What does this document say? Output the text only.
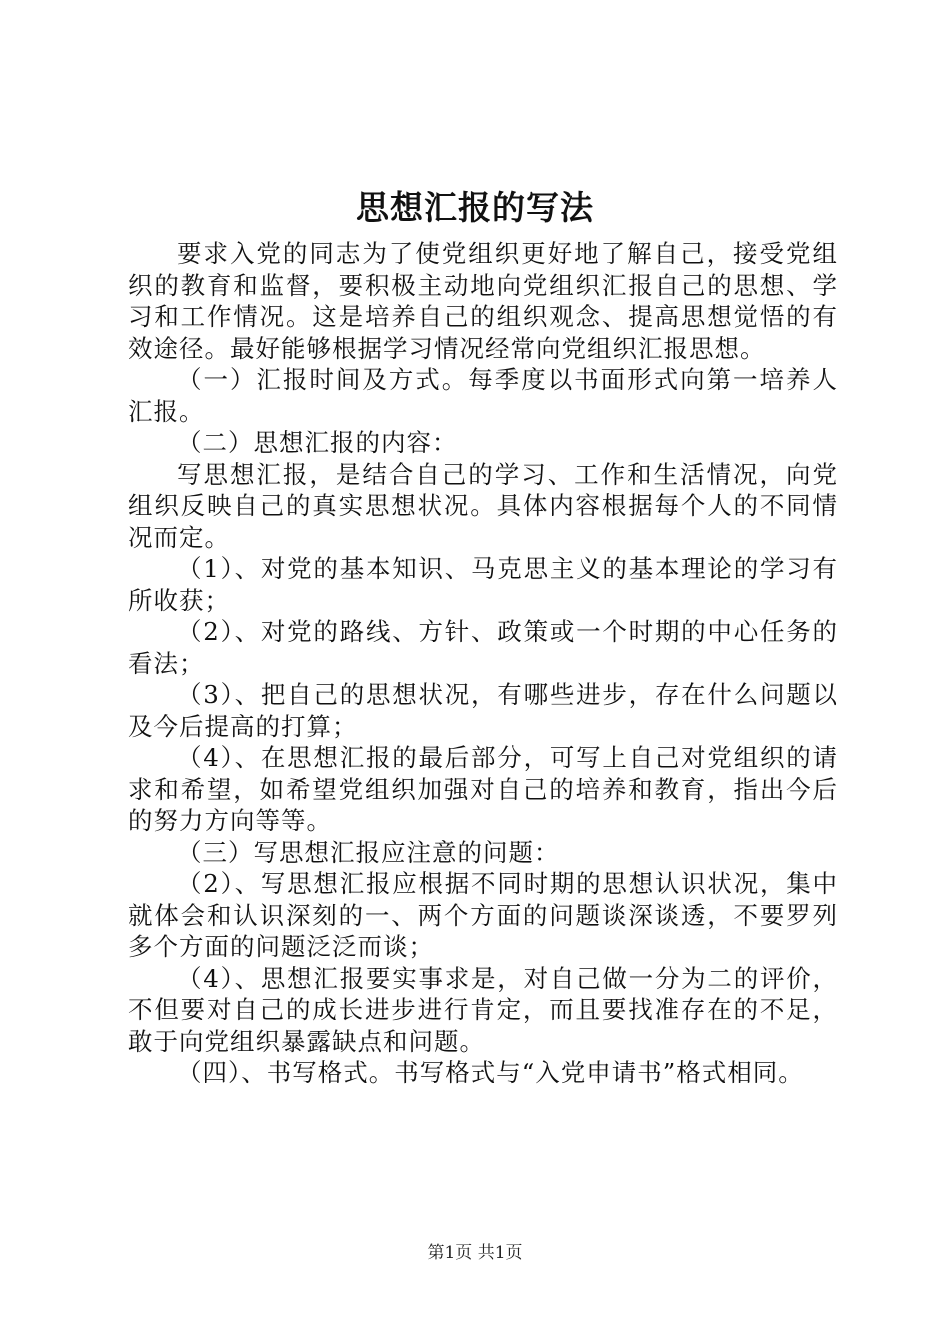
思想汇报的写法

要求入党的同志为了使党组织更好地了解自己，接受党组织的教育和监督，要积极主动地向党组织汇报自己的思想、学习和工作情况。这是培养自己的组织观念、提高思想觉悟的有效途径。最好能够根据学习情况经常向党组织汇报思想。

（一）汇报时间及方式。每季度以书面形式向第一培养人汇报。

（二）思想汇报的内容：

写思想汇报，是结合自己的学习、工作和生活情况，向党组织反映自己的真实思想状况。具体内容根据每个人的不同情况而定。

（1）、对党的基本知识、马克思主义的基本理论的学习有所收获；

（2）、对党的路线、方针、政策或一个时期的中心任务的看法；

（3）、把自己的思想状况，有哪些进步，存在什么问题以及今后提高的打算；

（4）、在思想汇报的最后部分，可写上自己对党组织的请求和希望，如希望党组织加强对自己的培养和教育，指出今后的努力方向等等。

（三）写思想汇报应注意的问题：

（2）、写思想汇报应根据不同时期的思想认识状况，集中就体会和认识深刻的一、两个方面的问题谈深谈透，不要罗列多个方面的问题泛泛而谈；

（4）、思想汇报要实事求是，对自己做一分为二的评价，不但要对自己的成长进步进行肯定，而且要找准存在的不足，敢于向党组织暴露缺点和问题。

（四）、书写格式。书写格式与“入党申请书”格式相同。

第1页 共1页
